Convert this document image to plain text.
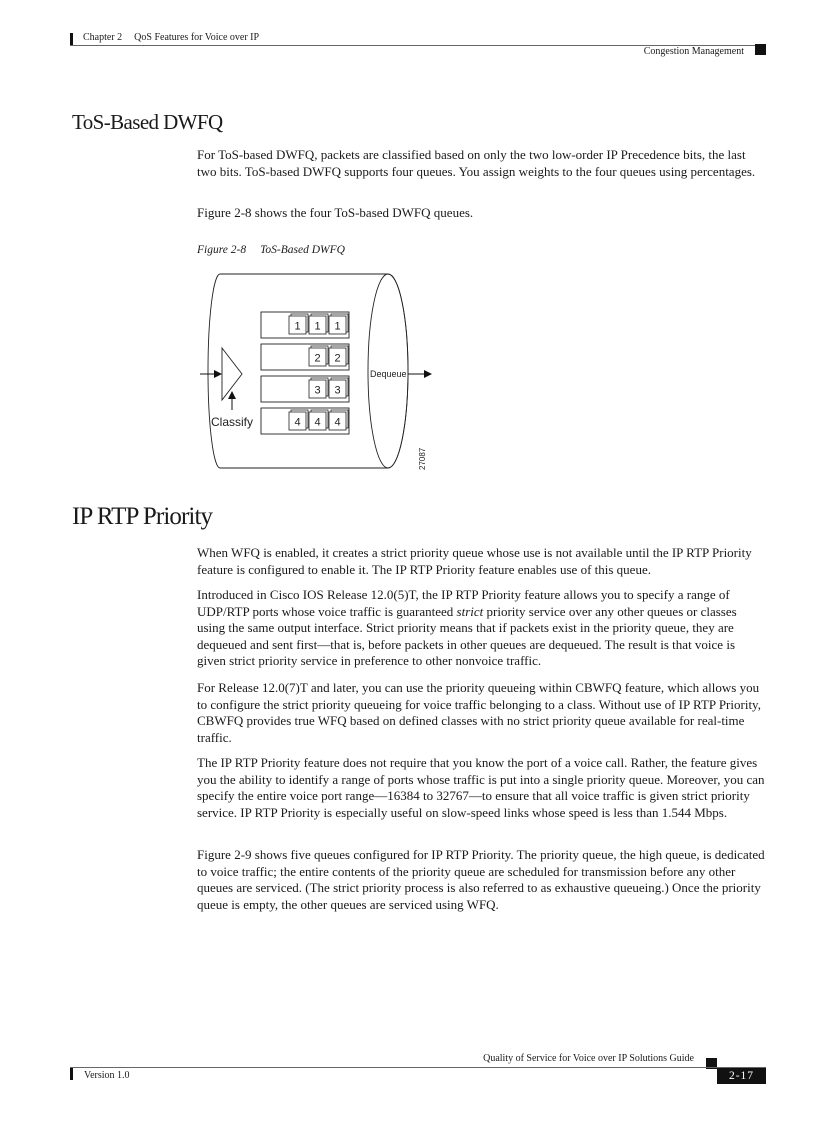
Chapter 2 QoS Features for Voice over IP
Congestion Management
ToS-Based DWFQ

For ToS-based DWFQ, packets are classified based on only the two low-order IP Precedence bits, the last two bits. ToS-based DWFQ supports four queues. You assign weights to the four queues using percentages.

Figure 2-8 shows the four ToS-based DWFQ queues.

Figure 2-8 ToS-Based DWFQ
1 1 1
2 2
3 3
4 4 4
Classify
Dequeue
27087
IP RTP Priority

When WFQ is enabled, it creates a strict priority queue whose use is not available until the IP RTP Priority feature is configured to enable it. The IP RTP Priority feature enables use of this queue.

Introduced in Cisco IOS Release 12.0(5)T, the IP RTP Priority feature allows you to specify a range of UDP/RTP ports whose voice traffic is guaranteed strict priority service over any other queues or classes using the same output interface. Strict priority means that if packets exist in the priority queue, they are dequeued and sent first—that is, before packets in other queues are dequeued. The result is that voice is given strict priority service in preference to other nonvoice traffic.

For Release 12.0(7)T and later, you can use the priority queueing within CBWFQ feature, which allows you to configure the strict priority queueing for voice traffic belonging to a class. Without use of IP RTP Priority, CBWFQ provides true WFQ based on defined classes with no strict priority queue available for real-time traffic.

The IP RTP Priority feature does not require that you know the port of a voice call. Rather, the feature gives you the ability to identify a range of ports whose traffic is put into a single priority queue. Moreover, you can specify the entire voice port range—16384 to 32767—to ensure that all voice traffic is given strict priority service. IP RTP Priority is especially useful on slow-speed links whose speed is less than 1.544 Mbps.

Figure 2-9 shows five queues configured for IP RTP Priority. The priority queue, the high queue, is dedicated to voice traffic; the entire contents of the priority queue are scheduled for transmission before any other queues are serviced. (The strict priority process is also referred to as exhaustive queueing.) Once the priority queue is empty, the other queues are serviced using WFQ.

Quality of Service for Voice over IP Solutions Guide
Version 1.0	2-17
